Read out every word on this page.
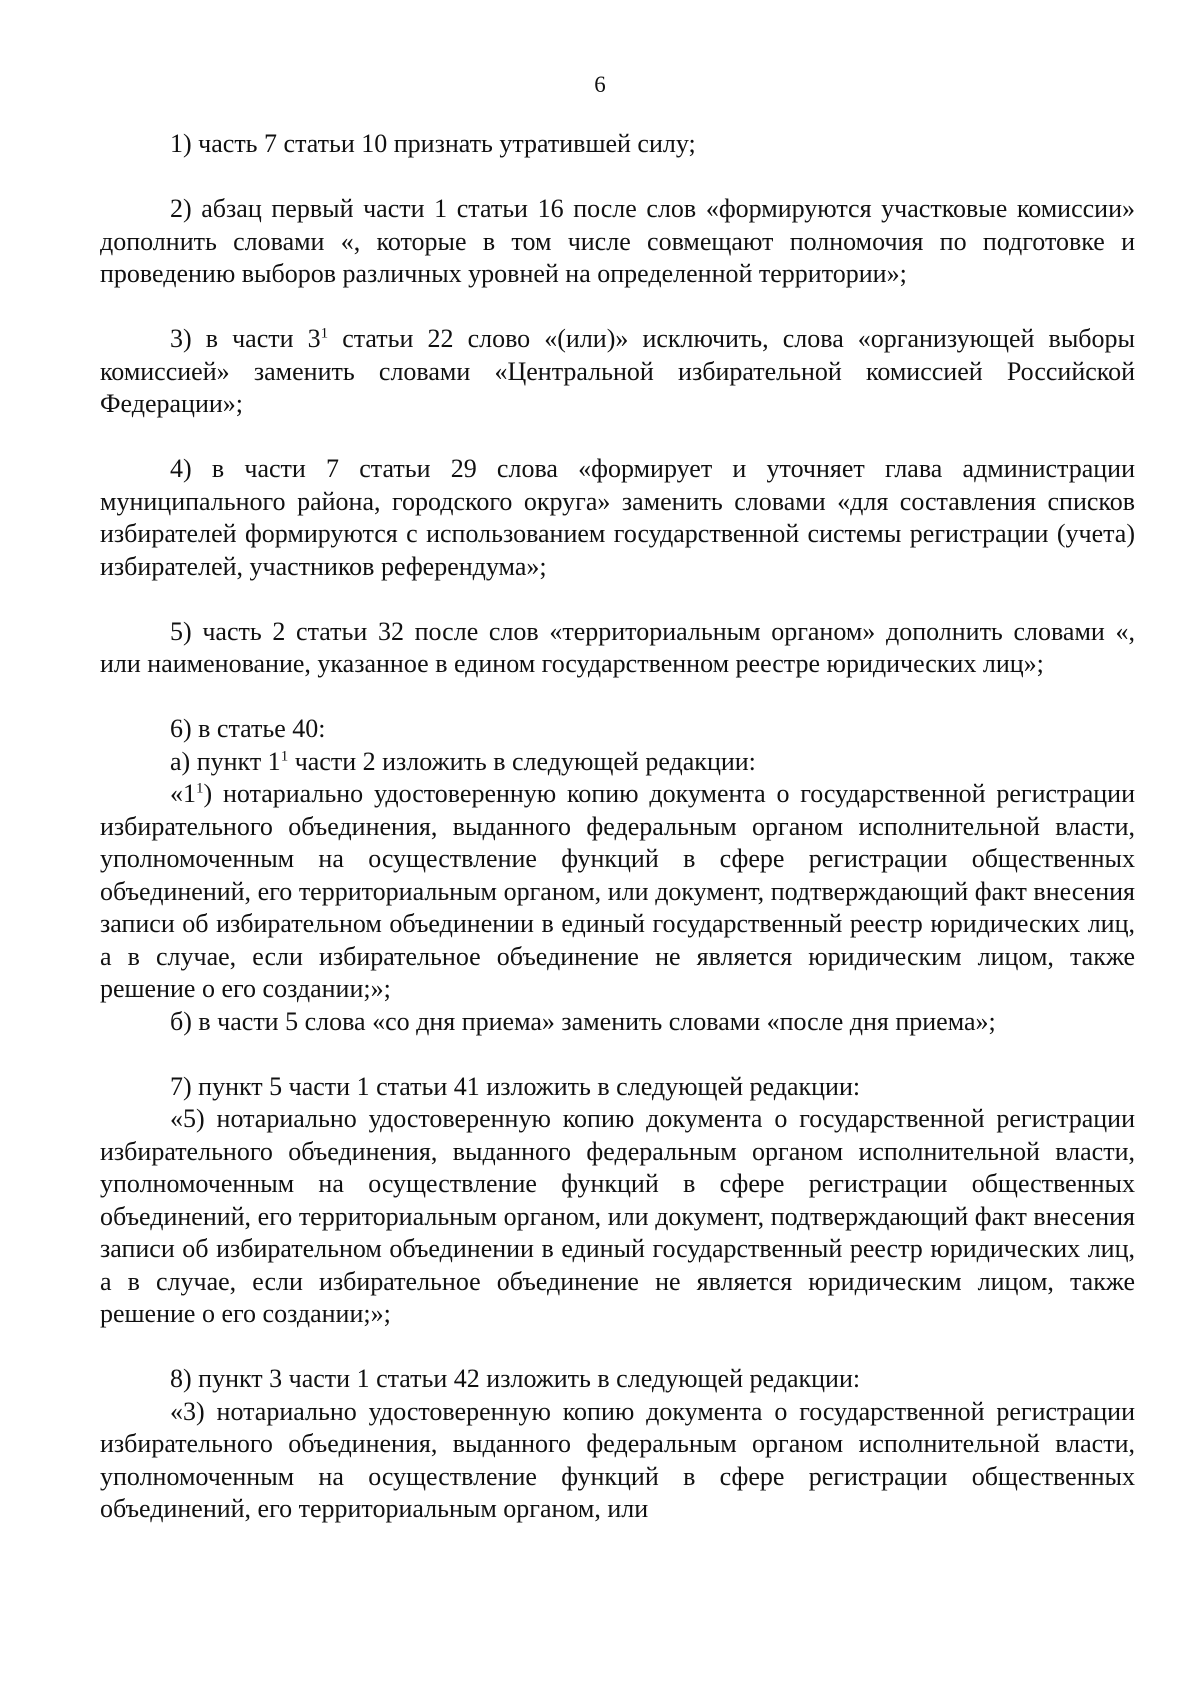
6

1) часть 7 статьи 10 признать утратившей силу;

2) абзац первый части 1 статьи 16 после слов «формируются участковые комиссии» дополнить словами «, которые в том числе совмещают полномочия по подготовке и проведению выборов различных уровней на определенной территории»;

3) в части $3^1$ статьи 22 слово «(или)» исключить, слова «организующей выборы комиссией» заменить словами «Центральной избирательной комиссией Российской Федерации»;

4) в части 7 статьи 29 слова «формирует и уточняет глава администрации муниципального района, городского округа» заменить словами «для составления списков избирателей формируются с использованием государственной системы регистрации (учета) избирателей, участников референдума»;

5) часть 2 статьи 32 после слов «территориальным органом» дополнить словами «, или наименование, указанное в едином государственном реестре юридических лиц»;

6) в статье 40:

а) пункт $1^1$ части 2 изложить в следующей редакции:

«$1^1$) нотариально удостоверенную копию документа о государственной регистрации избирательного объединения, выданного федеральным органом исполнительной власти, уполномоченным на осуществление функций в сфере регистрации общественных объединений, его территориальным органом, или документ, подтверждающий факт внесения записи об избирательном объединении в единый государственный реестр юридических лиц, а в случае, если избирательное объединение не является юридическим лицом, также решение о его создании;»;

б) в части 5 слова «со дня приема» заменить словами «после дня приема»;

7) пункт 5 части 1 статьи 41 изложить в следующей редакции:

«5) нотариально удостоверенную копию документа о государственной регистрации избирательного объединения, выданного федеральным органом исполнительной власти, уполномоченным на осуществление функций в сфере регистрации общественных объединений, его территориальным органом, или документ, подтверждающий факт внесения записи об избирательном объединении в единый государственный реестр юридических лиц, а в случае, если избирательное объединение не является юридическим лицом, также решение о его создании;»;

8) пункт 3 части 1 статьи 42 изложить в следующей редакции:

«3) нотариально удостоверенную копию документа о государственной регистрации избирательного объединения, выданного федеральным органом исполнительной власти, уполномоченным на осуществление функций в сфере регистрации общественных объединений, его территориальным органом, или
